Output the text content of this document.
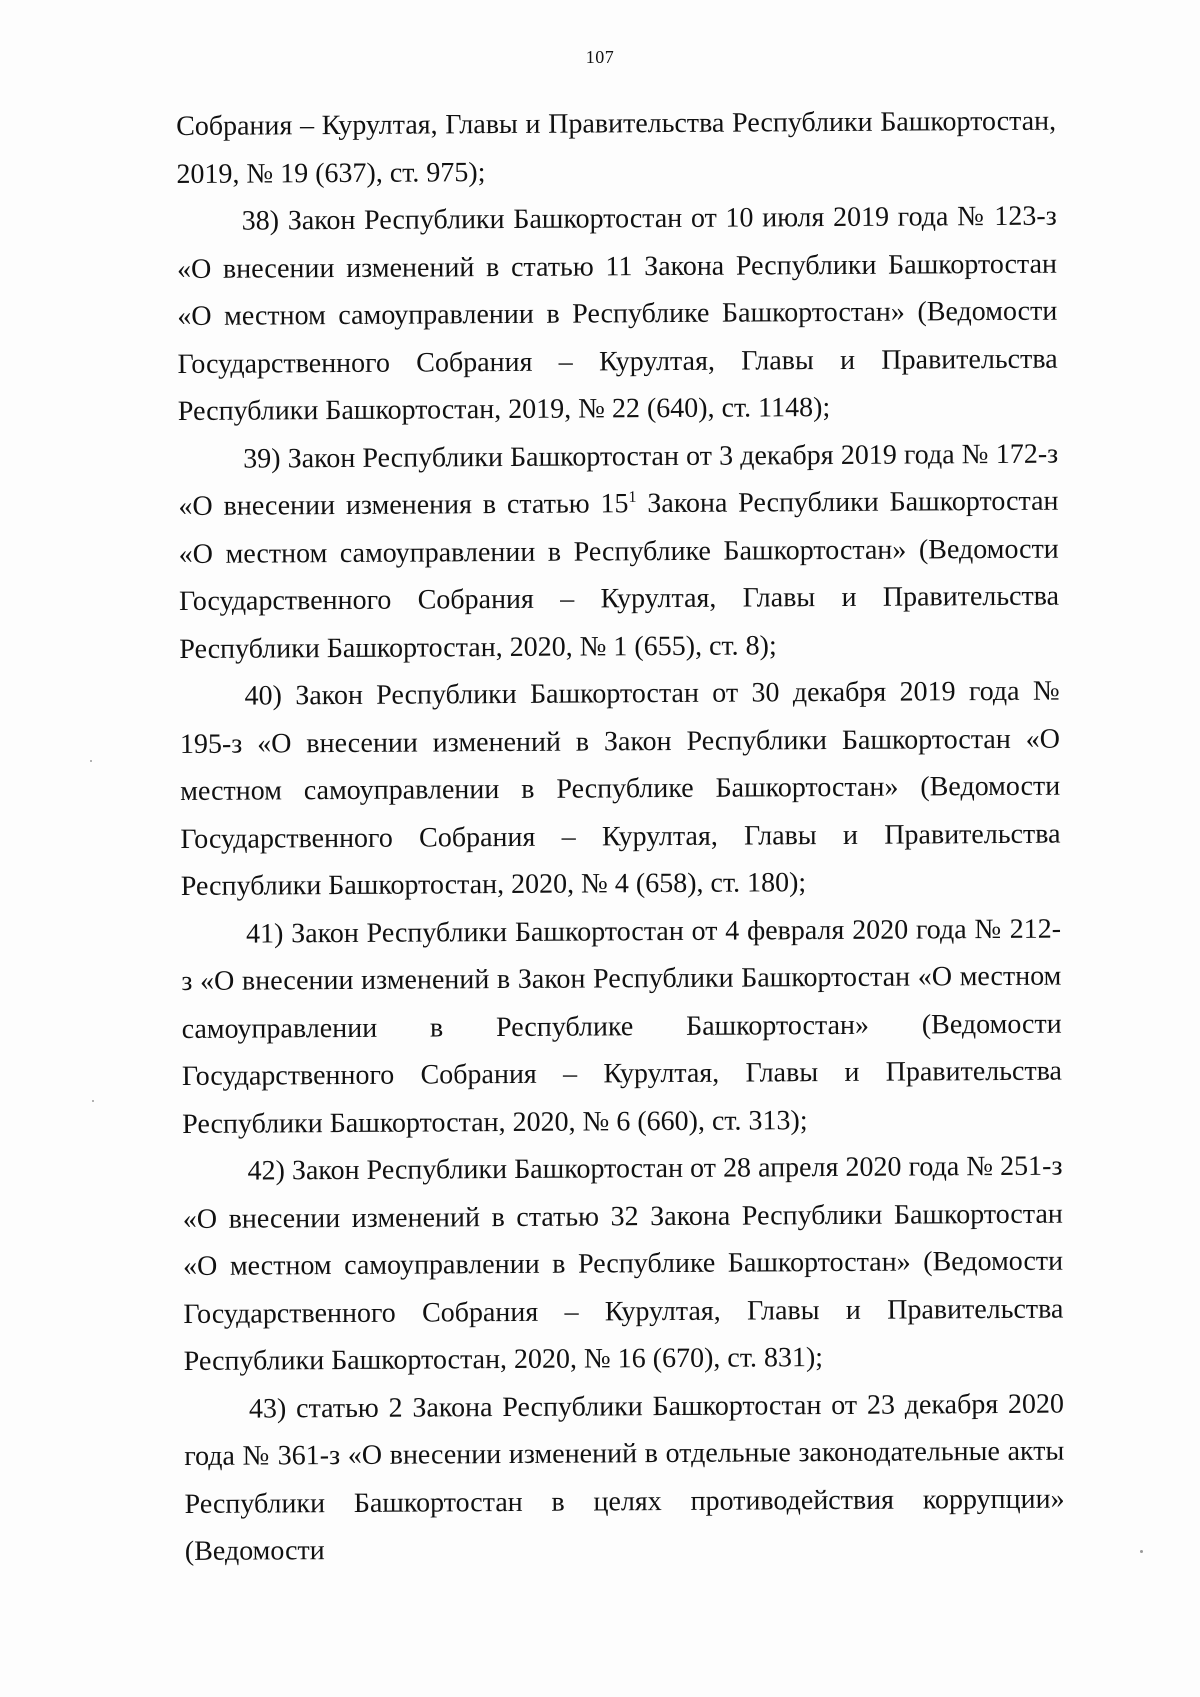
107

Собрания – Курултая, Главы и Правительства Республики Башкортостан, 2019, № 19 (637), ст. 975);

38) Закон Республики Башкортостан от 10 июля 2019 года № 123-з «О внесении изменений в статью 11 Закона Республики Башкортостан «О местном самоуправлении в Республике Башкортостан» (Ведомости Государственного Собрания – Курултая, Главы и Правительства Республики Башкортостан, 2019, № 22 (640), ст. 1148);

39) Закон Республики Башкортостан от 3 декабря 2019 года № 172-з «О внесении изменения в статью $15^1$ Закона Республики Башкортостан «О местном самоуправлении в Республике Башкортостан» (Ведомости Государственного Собрания – Курултая, Главы и Правительства Республики Башкортостан, 2020, № 1 (655), ст. 8);

40) Закон Республики Башкортостан от 30 декабря 2019 года № 195-з «О внесении изменений в Закон Республики Башкортостан «О местном самоуправлении в Республике Башкортостан» (Ведомости Государственного Собрания – Курултая, Главы и Правительства Республики Башкортостан, 2020, № 4 (658), ст. 180);

41) Закон Республики Башкортостан от 4 февраля 2020 года № 212-з «О внесении изменений в Закон Республики Башкортостан «О местном самоуправлении в Республике Башкортостан» (Ведомости Государственного Собрания – Курултая, Главы и Правительства Республики Башкортостан, 2020, № 6 (660), ст. 313);

42) Закон Республики Башкортостан от 28 апреля 2020 года № 251-з «О внесении изменений в статью 32 Закона Республики Башкортостан «О местном самоуправлении в Республике Башкортостан» (Ведомости Государственного Собрания – Курултая, Главы и Правительства Республики Башкортостан, 2020, № 16 (670), ст. 831);

43) статью 2 Закона Республики Башкортостан от 23 декабря 2020 года № 361-з «О внесении изменений в отдельные законодательные акты Республики Башкортостан в целях противодействия коррупции» (Ведомости
